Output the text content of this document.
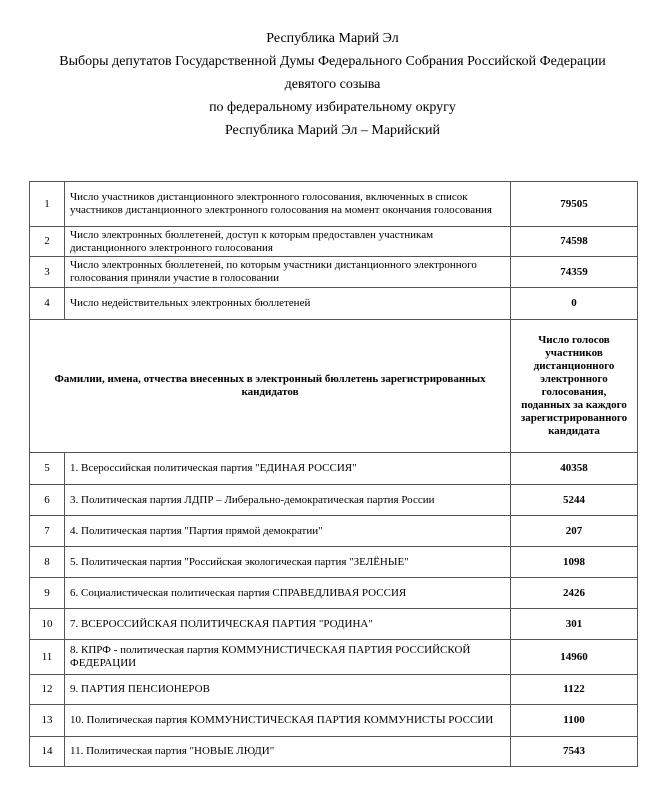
Республика Марий Эл
Выборы депутатов Государственной Думы Федерального Собрания Российской Федерации
девятого созыва
по федеральному избирательному округу
Республика Марий Эл – Марийский
1	Число участников дистанционного электронного голосования, включенных в список участников дистанционного электронного голосования на момент окончания голосования	79505
2	Число электронных бюллетеней, доступ к которым предоставлен участникам дистанционного электронного голосования	74598
3	Число электронных бюллетеней, по которым участники дистанционного электронного голосования приняли участие в голосовании	74359
4	Число недействительных электронных бюллетеней	0
Фамилии, имена, отчества внесенных в электронный бюллетень зарегистрированных кандидатов		Число голосов участников дистанционного электронного голосования, поданных за каждого зарегистрированного кандидата
5	1. Всероссийская политическая партия "ЕДИНАЯ РОССИЯ"	40358
6	3. Политическая партия ЛДПР – Либерально-демократическая партия России	5244
7	4. Политическая партия "Партия прямой демократии"	207
8	5. Политическая партия "Российская экологическая партия "ЗЕЛЁНЫЕ"	1098
9	6. Социалистическая политическая партия СПРАВЕДЛИВАЯ РОССИЯ	2426
10	7. ВСЕРОССИЙСКАЯ ПОЛИТИЧЕСКАЯ ПАРТИЯ "РОДИНА"	301
11	8. КПРФ - политическая партия КОММУНИСТИЧЕСКАЯ ПАРТИЯ РОССИЙСКОЙ ФЕДЕРАЦИИ	14960
12	9. ПАРТИЯ ПЕНСИОНЕРОВ	1122
13	10. Политическая партия КОММУНИСТИЧЕСКАЯ ПАРТИЯ КОММУНИСТЫ РОССИИ	1100
14	11. Политическая партия "НОВЫЕ ЛЮДИ"	7543
